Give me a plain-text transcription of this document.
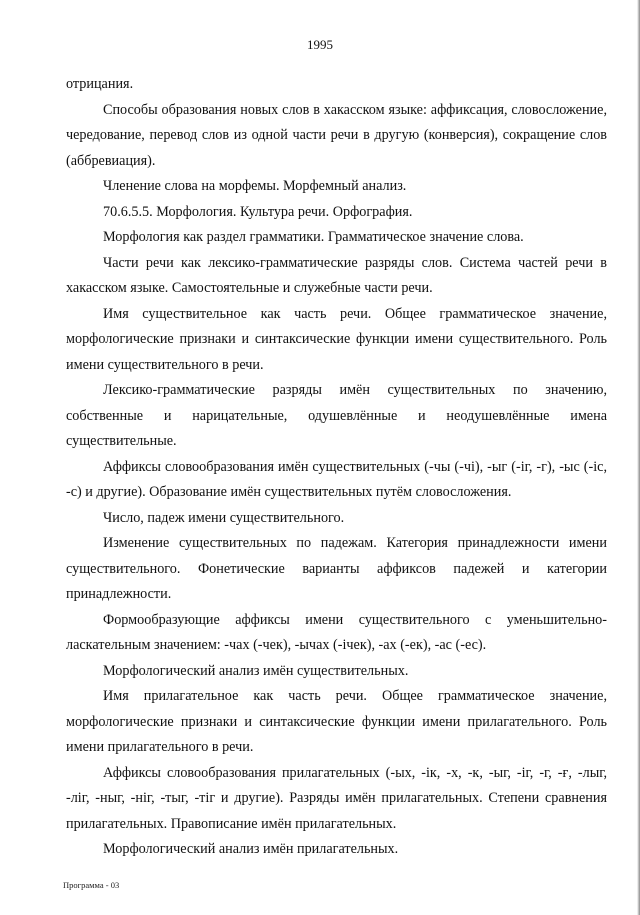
1995

отрицания.

Способы образования новых слов в хакасском языке: аффиксация, словосложение, чередование, перевод слов из одной части речи в другую (конверсия), сокращение слов (аббревиация).

Членение слова на морфемы. Морфемный анализ.

70.6.5.5. Морфология. Культура речи. Орфография.

Морфология как раздел грамматики. Грамматическое значение слова.

Части речи как лексико-грамматические разряды слов. Система частей речи в хакасском языке. Самостоятельные и служебные части речи.

Имя существительное как часть речи. Общее грамматическое значение, морфологические признаки и синтаксические функции имени существительного. Роль имени существительного в речи.

Лексико-грамматические разряды имён существительных по значению, собственные и нарицательные, одушевлённые и неодушевлённые имена существительные.

Аффиксы словообразования имён существительных (-чы (-чі), -ыг (-іг, -г), -ыс (-іс, -с) и другие). Образование имён существительных путём словосложения.

Число, падеж имени существительного.

Изменение существительных по падежам. Категория принадлежности имени существительного. Фонетические варианты аффиксов падежей и категории принадлежности.

Формообразующие аффиксы имени существительного с уменьшительно-ласкательным значением: -чах (-чек), -ычах (-ічек), -ах (-ек), -ас (-ес).

Морфологический анализ имён существительных.

Имя прилагательное как часть речи. Общее грамматическое значение, морфологические признаки и синтаксические функции имени прилагательного. Роль имени прилагательного в речи.

Аффиксы словообразования прилагательных (-ых, -ік, -х, -к, -ыг, -іг, -г, -ғ, -лыг, -ліг, -ныг, -ніг, -тыг, -тіг и другие). Разряды имён прилагательных. Степени сравнения прилагательных. Правописание имён прилагательных.

Морфологический анализ имён прилагательных.

Программа - 03
